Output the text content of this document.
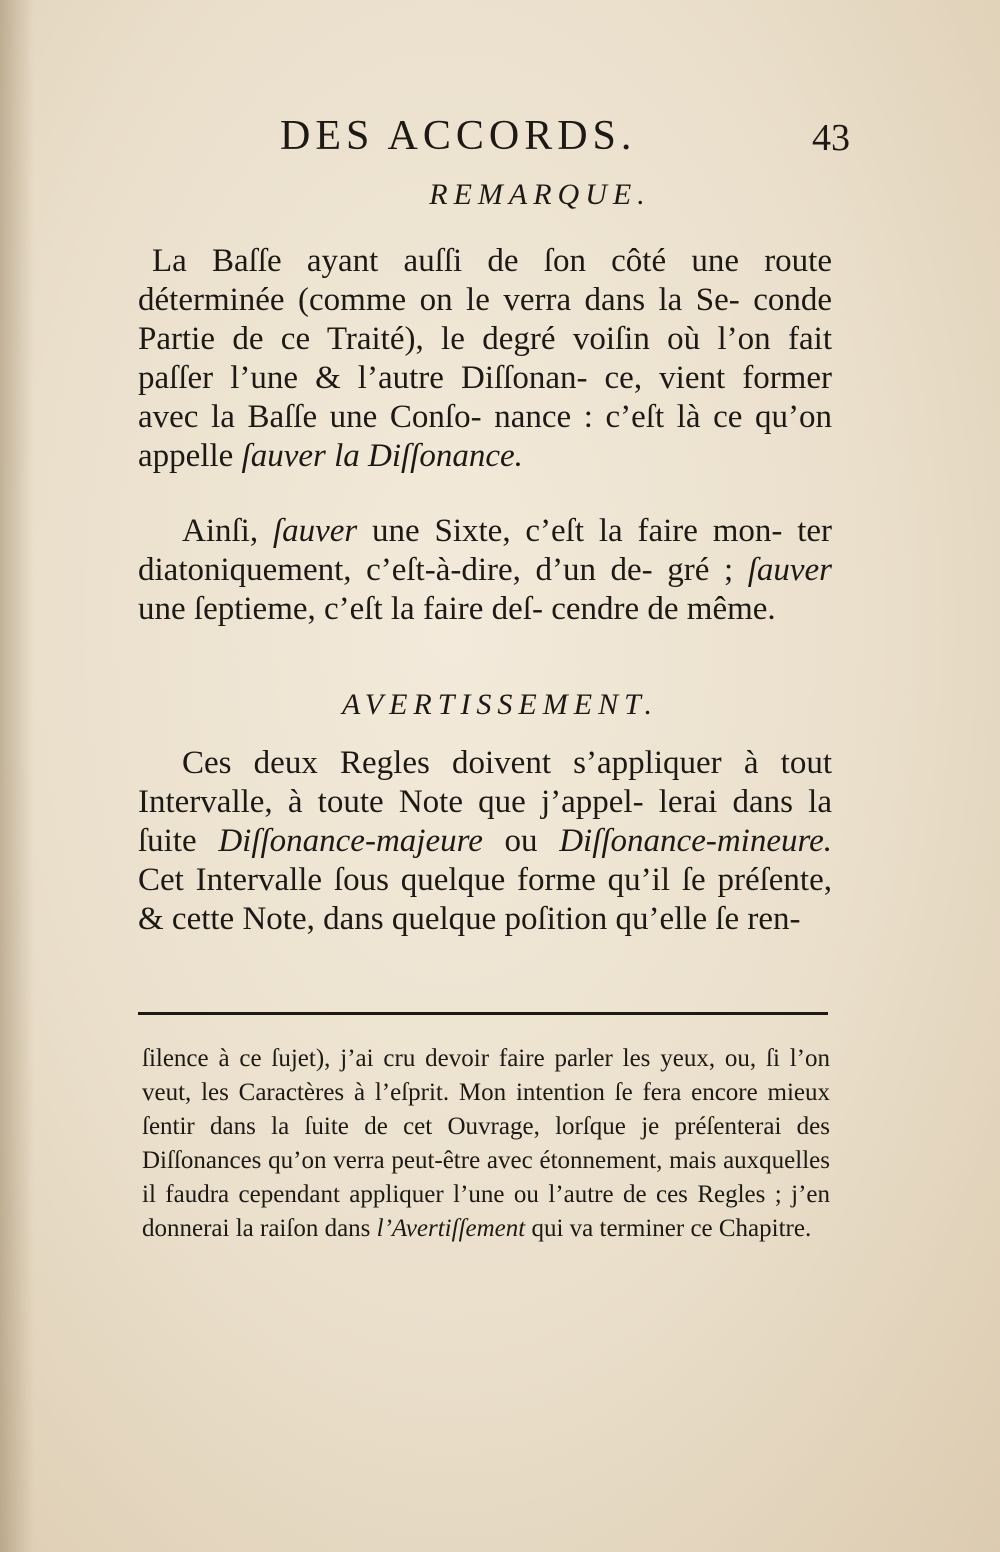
DES ACCORDS.	43
REMARQUE.

La Baſſe ayant auſſi de ſon côté une route déterminée (comme on le verra dans la Se‑ conde Partie de ce Traité), le degré voiſin où l’on fait paſſer l’une & l’autre Diſſonan‑ ce, vient former avec la Baſſe une Conſo‑ nance : c’eſt là ce qu’on appelle ſauver la Diſſonance.

Ainſi, ſauver une Sixte, c’eſt la faire mon‑ ter diatoniquement, c’eſt-à-dire, d’un de‑ gré ; ſauver une ſeptieme, c’eſt la faire deſ‑ cendre de même.

AVERTISSEMENT.

Ces deux Regles doivent s’appliquer à tout Intervalle, à toute Note que j’appel‑ lerai dans la ſuite Diſſonance‑majeure ou Diſſonance‑mineure. Cet Intervalle ſous quelque forme qu’il ſe préſente, & cette Note, dans quelque poſition qu’elle ſe ren‑

ſilence à ce ſujet), j’ai cru devoir faire parler les yeux, ou, ſi l’on veut, les Caractères à l’eſprit. Mon intention ſe fera encore mieux ſentir dans la ſuite de cet Ouvrage, lorſque je préſenterai des Diſſonances qu’on verra peut-être avec étonnement, mais auxquelles il faudra cependant appliquer l’une ou l’autre de ces Regles ; j’en donnerai la raiſon dans l’Avertiſſement qui va terminer ce Chapitre.
